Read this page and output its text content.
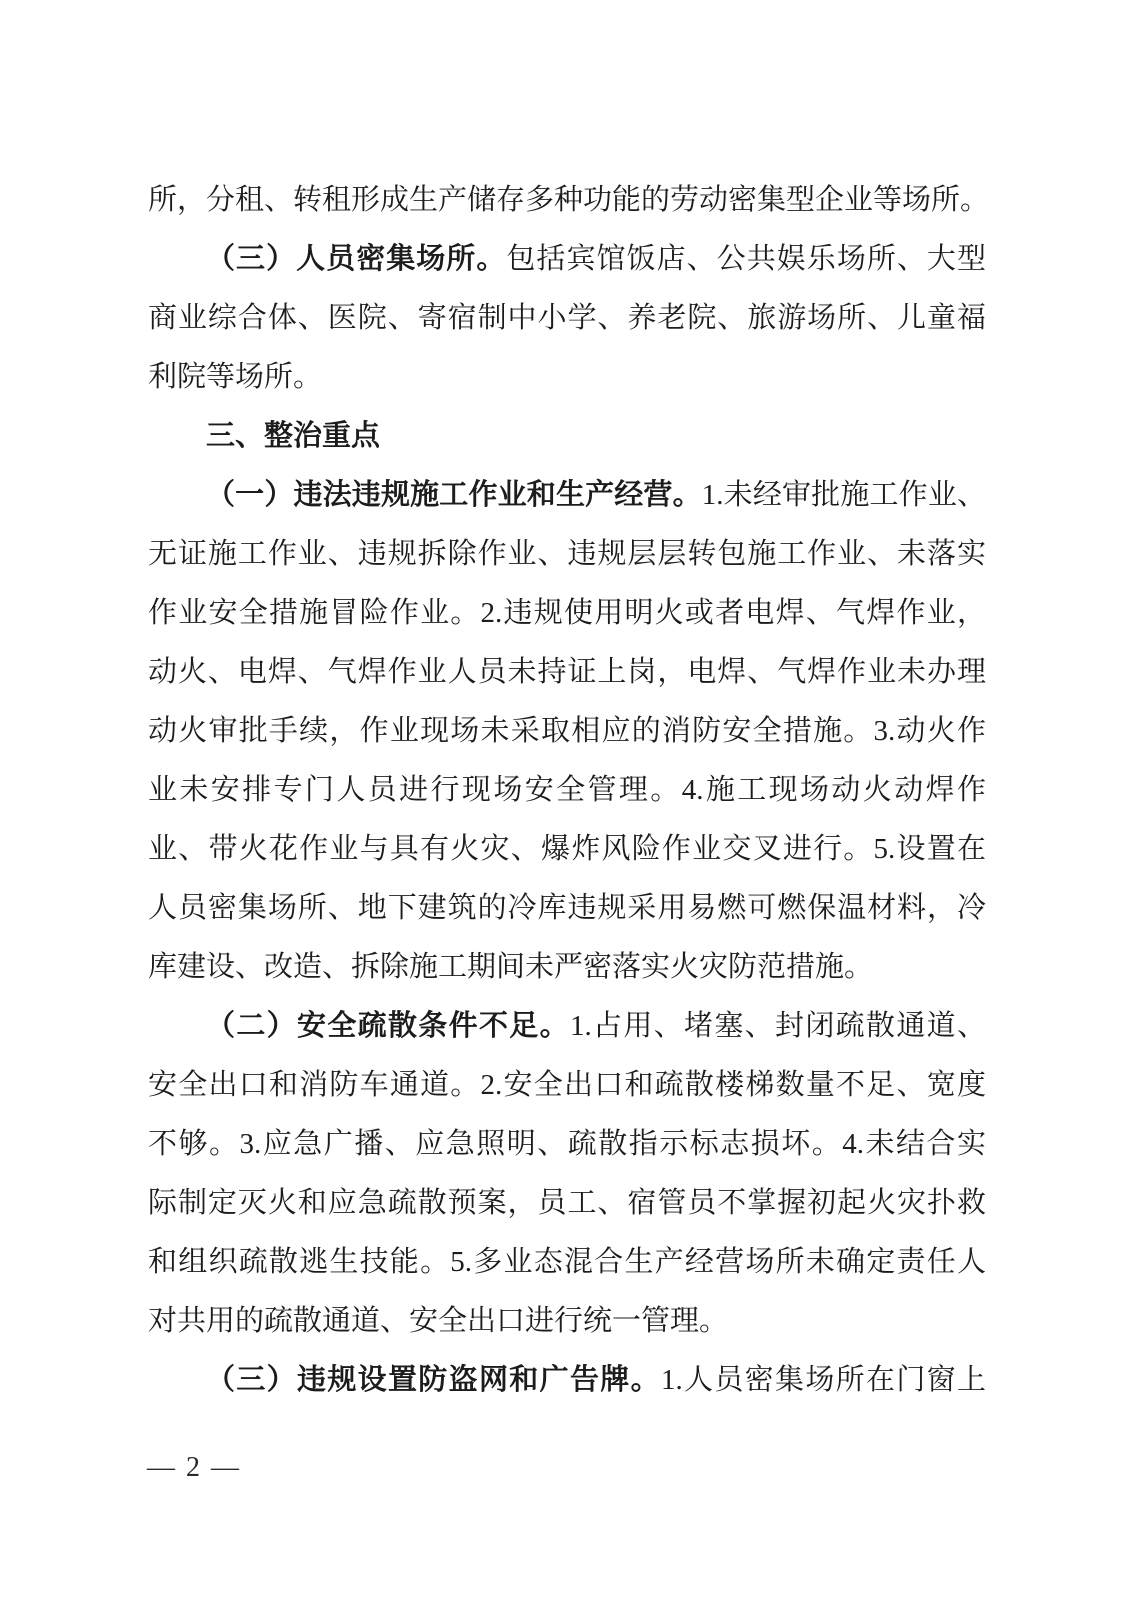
所，分租、转租形成生产储存多种功能的劳动密集型企业等场所。
（三）人员密集场所。包括宾馆饭店、公共娱乐场所、大型
商业综合体、医院、寄宿制中小学、养老院、旅游场所、儿童福
利院等场所。
三、整治重点
（一）违法违规施工作业和生产经营。1.未经审批施工作业、
无证施工作业、违规拆除作业、违规层层转包施工作业、未落实
作业安全措施冒险作业。2.违规使用明火或者电焊、气焊作业，
动火、电焊、气焊作业人员未持证上岗，电焊、气焊作业未办理
动火审批手续，作业现场未采取相应的消防安全措施。3.动火作
业未安排专门人员进行现场安全管理。4.施工现场动火动焊作
业、带火花作业与具有火灾、爆炸风险作业交叉进行。5.设置在
人员密集场所、地下建筑的冷库违规采用易燃可燃保温材料，冷
库建设、改造、拆除施工期间未严密落实火灾防范措施。
（二）安全疏散条件不足。1.占用、堵塞、封闭疏散通道、
安全出口和消防车通道。2.安全出口和疏散楼梯数量不足、宽度
不够。3.应急广播、应急照明、疏散指示标志损坏。4.未结合实
际制定灭火和应急疏散预案，员工、宿管员不掌握初起火灾扑救
和组织疏散逃生技能。5.多业态混合生产经营场所未确定责任人
对共用的疏散通道、安全出口进行统一管理。
（三）违规设置防盗网和广告牌。1.人员密集场所在门窗上
— 2 —
